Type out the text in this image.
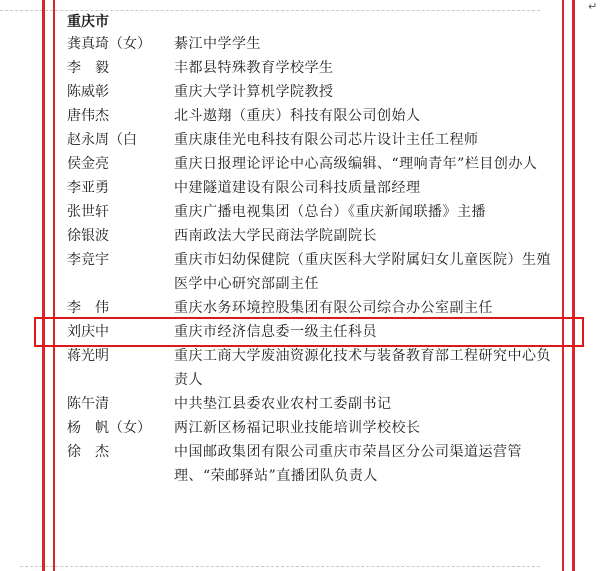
↵
重庆市
龚真琦（女）	綦江中学学生
李　毅	丰都县特殊教育学校学生
陈威彰	重庆大学计算机学院教授
唐伟杰	北斗遨翔（重庆）科技有限公司创始人
赵永周（白	重庆康佳光电科技有限公司芯片设计主任工程师
侯金亮	重庆日报理论评论中心高级编辑、“理响青年”栏目创办人
李亚勇	中建隧道建设有限公司科技质量部经理
张世轩	重庆广播电视集团（总台）《重庆新闻联播》主播
徐银波	西南政法大学民商法学院副院长
李竞宇	重庆市妇幼保健院（重庆医科大学附属妇女儿童医院）生殖医学中心研究部副主任
李　伟	重庆水务环境控股集团有限公司综合办公室副主任
刘庆中	重庆市经济信息委一级主任科员
蒋光明	重庆工商大学废油资源化技术与装备教育部工程研究中心负责人
陈午清	中共垫江县委农业农村工委副书记
杨　帆（女）	两江新区杨福记职业技能培训学校校长
徐　杰	中国邮政集团有限公司重庆市荣昌区分公司渠道运营管理、“荣邮驿站”直播团队负责人
